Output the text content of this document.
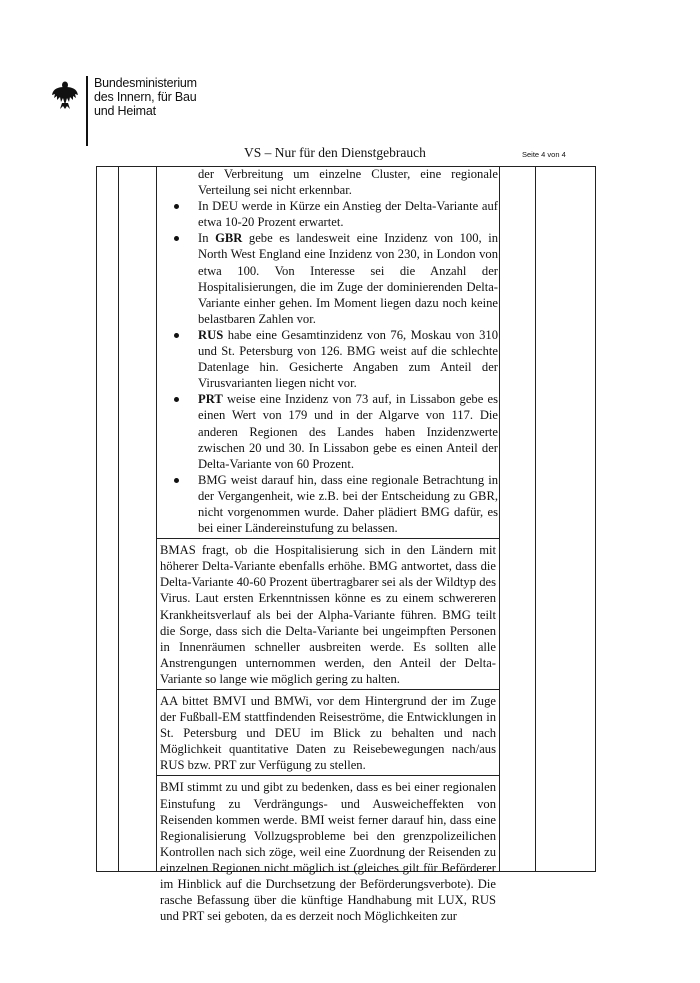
Bundesministerium
des Innern, für Bau
und Heimat
VS – Nur für den Dienstgebrauch	Seite 4 von 4
der Verbreitung um einzelne Cluster, eine regionale Verteilung sei nicht erkennbar.
In DEU werde in Kürze ein Anstieg der Delta-Variante auf etwa 10-20 Prozent erwartet.
In GBR gebe es landesweit eine Inzidenz von 100, in North West England eine Inzidenz von 230, in London von etwa 100. Von Interesse sei die Anzahl der Hospitalisierungen, die im Zuge der dominierenden Delta-Variante einher gehen. Im Moment liegen dazu noch keine belastbaren Zahlen vor.
RUS habe eine Gesamtinzidenz von 76, Moskau von 310 und St. Petersburg von 126. BMG weist auf die schlechte Datenlage hin. Gesicherte Angaben zum Anteil der Virusvarianten liegen nicht vor.
PRT weise eine Inzidenz von 73 auf, in Lissabon gebe es einen Wert von 179 und in der Algarve von 117. Die anderen Regionen des Landes haben Inzidenzwerte zwischen 20 und 30. In Lissabon gebe es einen Anteil der Delta-Variante von 60 Prozent.
BMG weist darauf hin, dass eine regionale Betrachtung in der Vergangenheit, wie z.B. bei der Entscheidung zu GBR, nicht vorgenommen wurde. Daher plädiert BMG dafür, es bei einer Ländereinstufung zu belassen.
BMAS fragt, ob die Hospitalisierung sich in den Ländern mit höherer Delta-Variante ebenfalls erhöhe. BMG antwortet, dass die Delta-Variante 40-60 Prozent übertragbarer sei als der Wildtyp des Virus. Laut ersten Erkenntnissen könne es zu einem schwereren Krankheitsverlauf als bei der Alpha-Variante führen. BMG teilt die Sorge, dass sich die Delta-Variante bei ungeimpften Personen in Innenräumen schneller ausbreiten werde. Es sollten alle Anstrengungen unternommen werden, den Anteil der Delta-Variante so lange wie möglich gering zu halten.
AA bittet BMVI und BMWi, vor dem Hintergrund der im Zuge der Fußball-EM stattfindenden Reiseströme, die Entwicklungen in St. Petersburg und DEU im Blick zu behalten und nach Möglichkeit quantitative Daten zu Reisebewegungen nach/aus RUS bzw. PRT zur Verfügung zu stellen.
BMI stimmt zu und gibt zu bedenken, dass es bei einer regionalen Einstufung zu Verdrängungs- und Ausweicheffekten von Reisenden kommen werde. BMI weist ferner darauf hin, dass eine Regionalisierung Vollzugsprobleme bei den grenzpolizeilichen Kontrollen nach sich zöge, weil eine Zuordnung der Reisenden zu einzelnen Regionen nicht möglich ist (gleiches gilt für Beförderer im Hinblick auf die Durchsetzung der Beförderungsverbote). Die rasche Befassung über die künftige Handhabung mit LUX, RUS und PRT sei geboten, da es derzeit noch Möglichkeiten zur
